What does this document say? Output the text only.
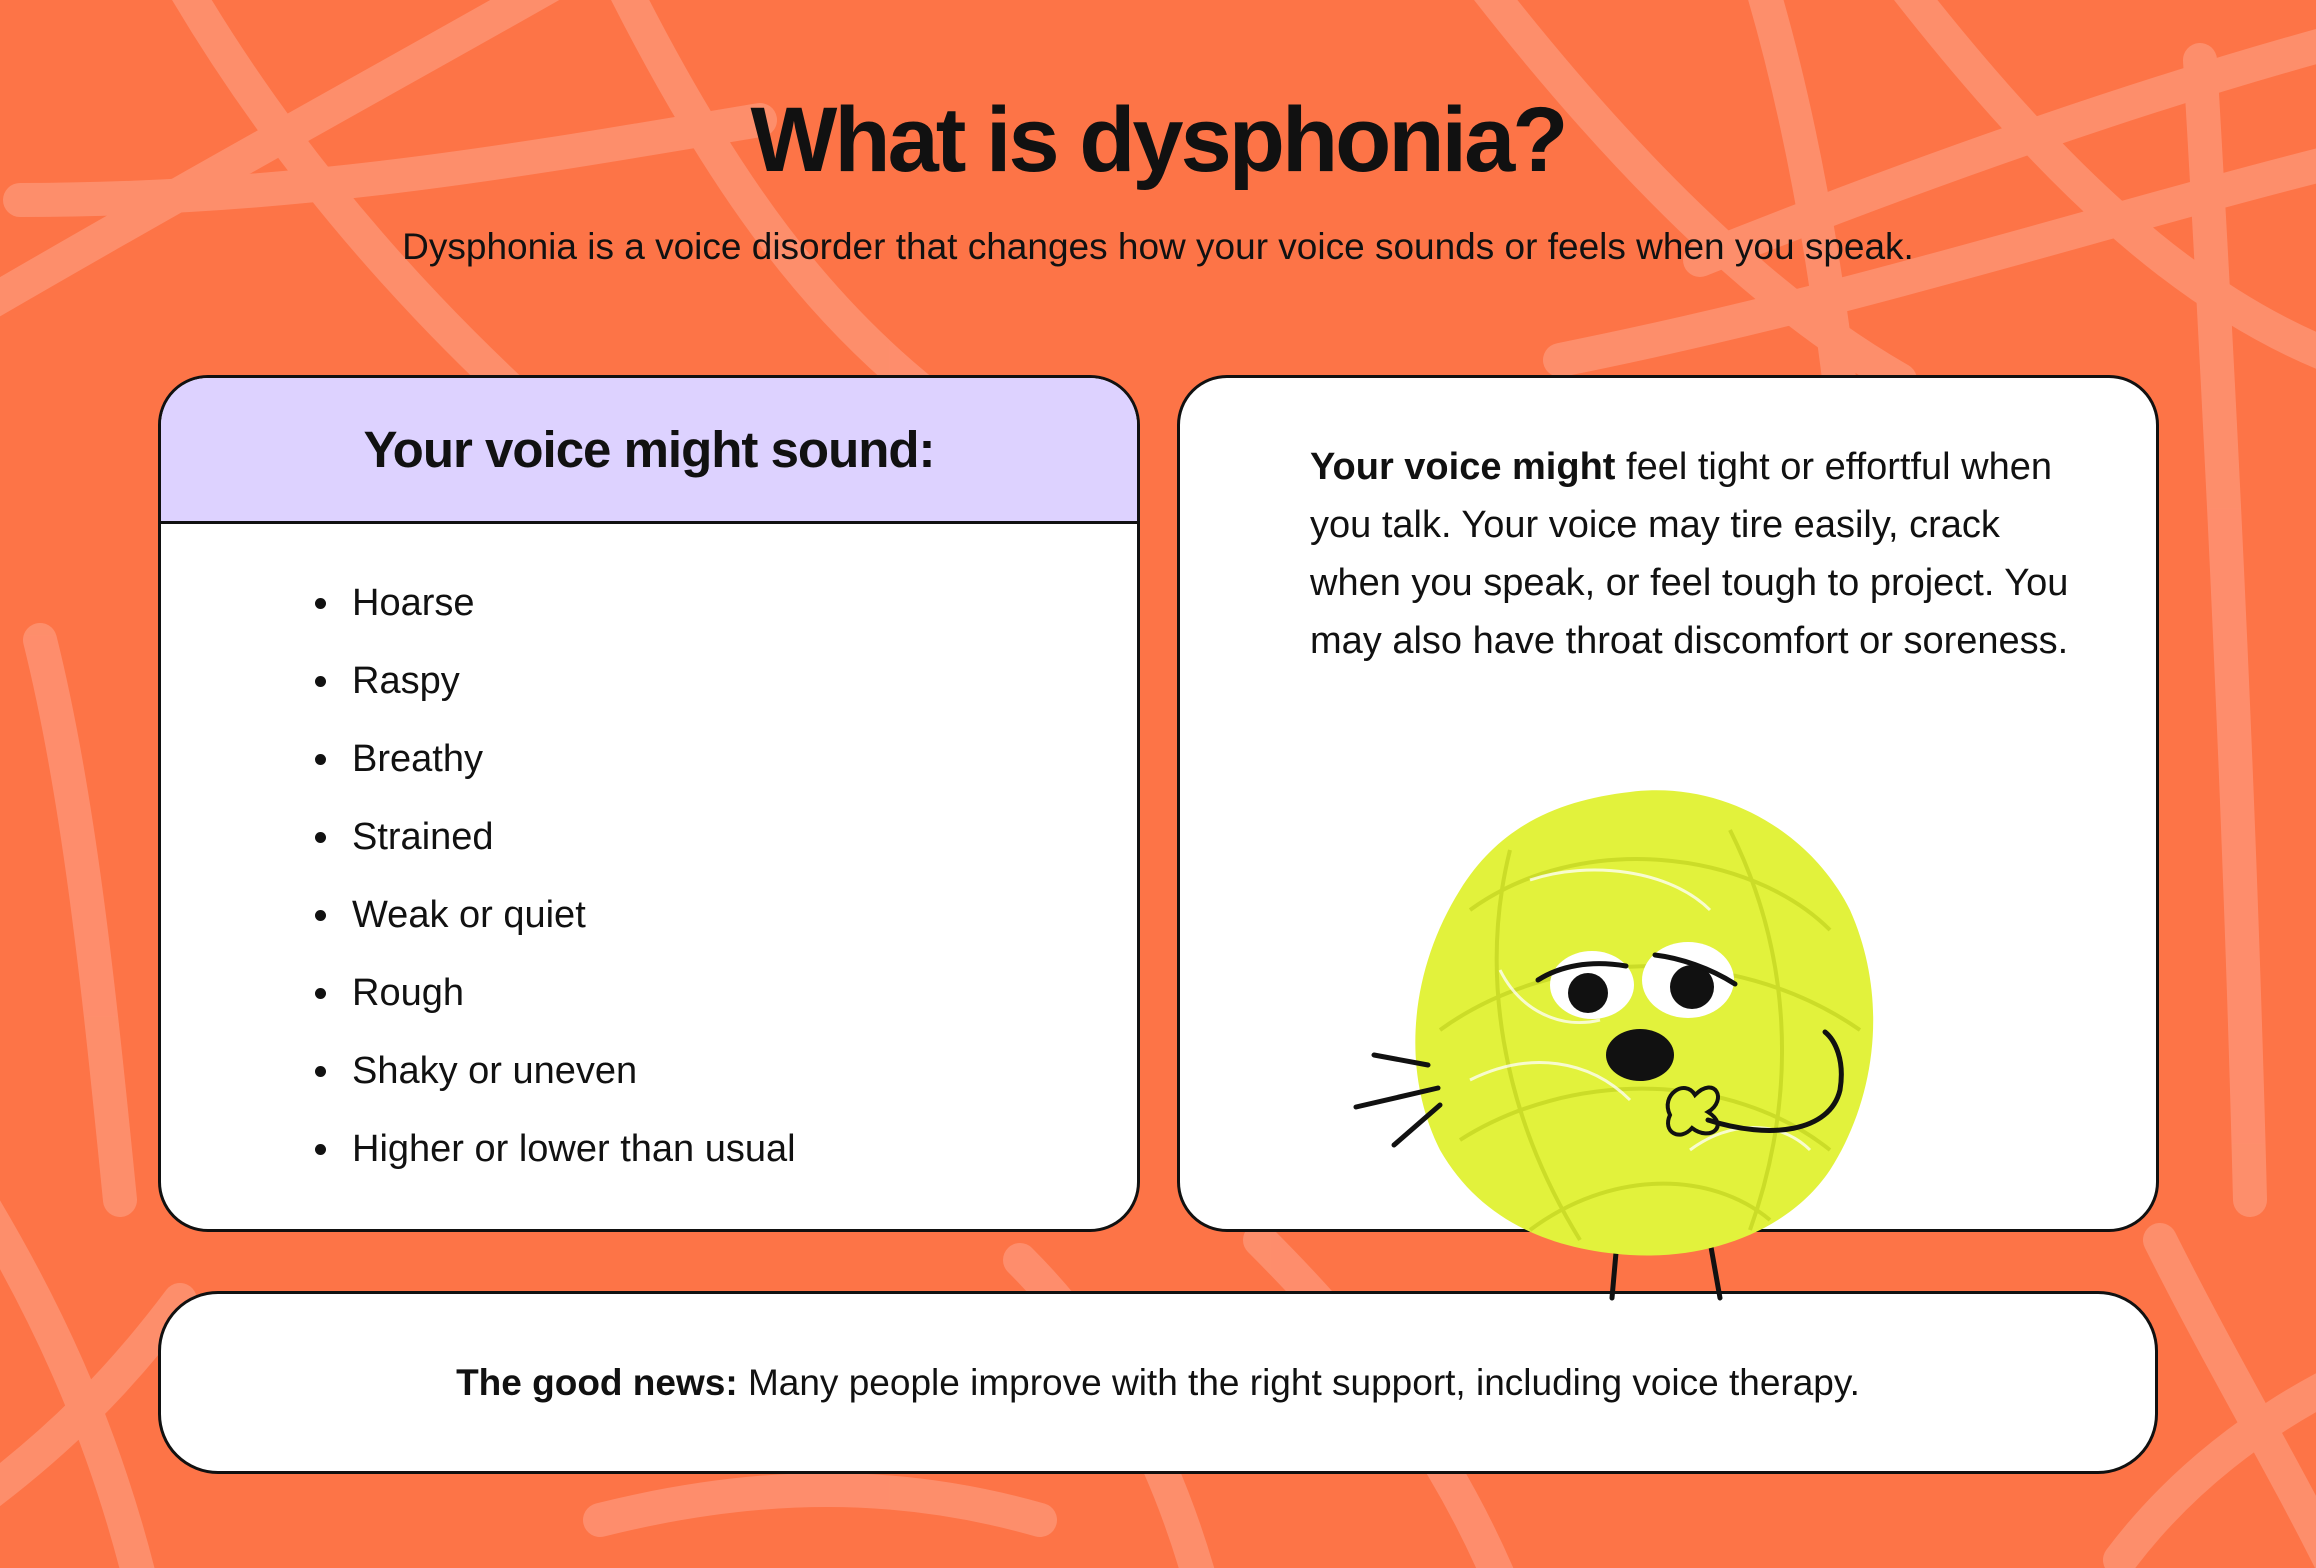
What is dysphonia?

Dysphonia is a voice disorder that changes how your voice sounds or feels when you speak.

Your voice might sound:
• Hoarse
• Raspy
• Breathy
• Strained
• Weak or quiet
• Rough
• Shaky or uneven
• Higher or lower than usual

Your voice might feel tight or effortful when you talk. Your voice may tire easily, crack when you speak, or feel tough to project. You may also have throat discomfort or soreness.

The good news: Many people improve with the right support, including voice therapy.
